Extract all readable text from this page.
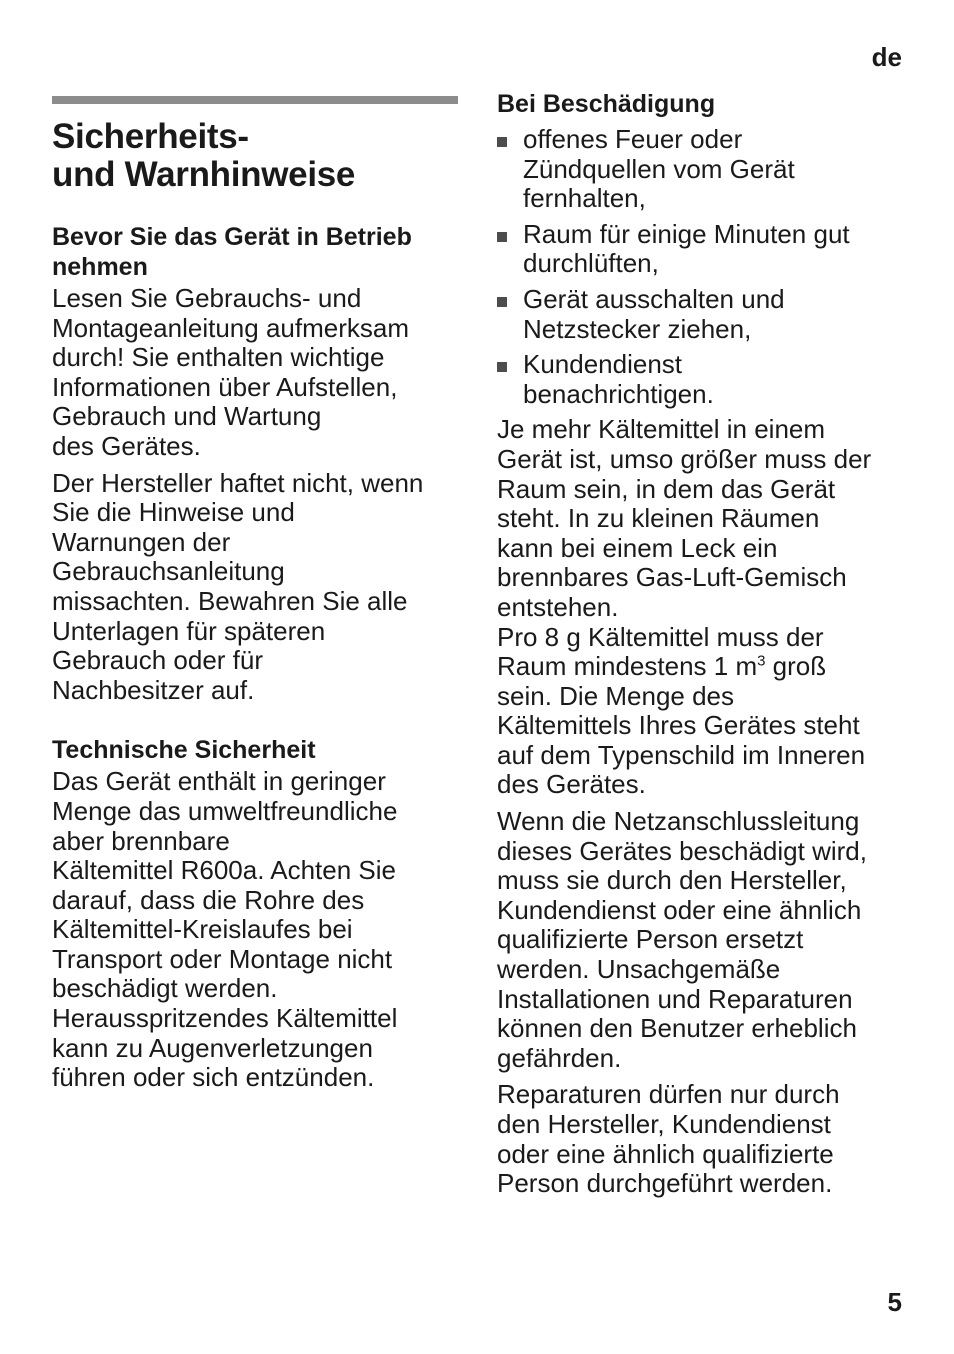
de
Sicherheits-
und Warnhinweise
Bevor Sie das Gerät in Betrieb
nehmen

Lesen Sie Gebrauchs- und
Montageanleitung aufmerksam
durch! Sie enthalten wichtige
Informationen über Aufstellen,
Gebrauch und Wartung
des Gerätes.

Der Hersteller haftet nicht, wenn
Sie die Hinweise und
Warnungen der
Gebrauchsanleitung
missachten. Bewahren Sie alle
Unterlagen für späteren
Gebrauch oder für
Nachbesitzer auf.

Technische Sicherheit

Das Gerät enthält in geringer
Menge das umweltfreundliche
aber brennbare
Kältemittel R600a. Achten Sie
darauf, dass die Rohre des
Kältemittel-Kreislaufes bei
Transport oder Montage nicht
beschädigt werden.
Herausspritzendes Kältemittel
kann zu Augenverletzungen
führen oder sich entzünden.

Bei Beschädigung
offenes Feuer oder
Zündquellen vom Gerät
fernhalten,
Raum für einige Minuten gut
durchlüften,
Gerät ausschalten und
Netzstecker ziehen,
Kundendienst
benachrichtigen.

Je mehr Kältemittel in einem
Gerät ist, umso größer muss der
Raum sein, in dem das Gerät
steht. In zu kleinen Räumen
kann bei einem Leck ein
brennbares Gas-Luft-Gemisch
entstehen.
Pro 8 g Kältemittel muss der
Raum mindestens 1 $m^3$ groß
sein. Die Menge des
Kältemittels Ihres Gerätes steht
auf dem Typenschild im Inneren
des Gerätes.

Wenn die Netzanschlussleitung
dieses Gerätes beschädigt wird,
muss sie durch den Hersteller,
Kundendienst oder eine ähnlich
qualifizierte Person ersetzt
werden. Unsachgemäße
Installationen und Reparaturen
können den Benutzer erheblich
gefährden.

Reparaturen dürfen nur durch
den Hersteller, Kundendienst
oder eine ähnlich qualifizierte
Person durchgeführt werden.

5
